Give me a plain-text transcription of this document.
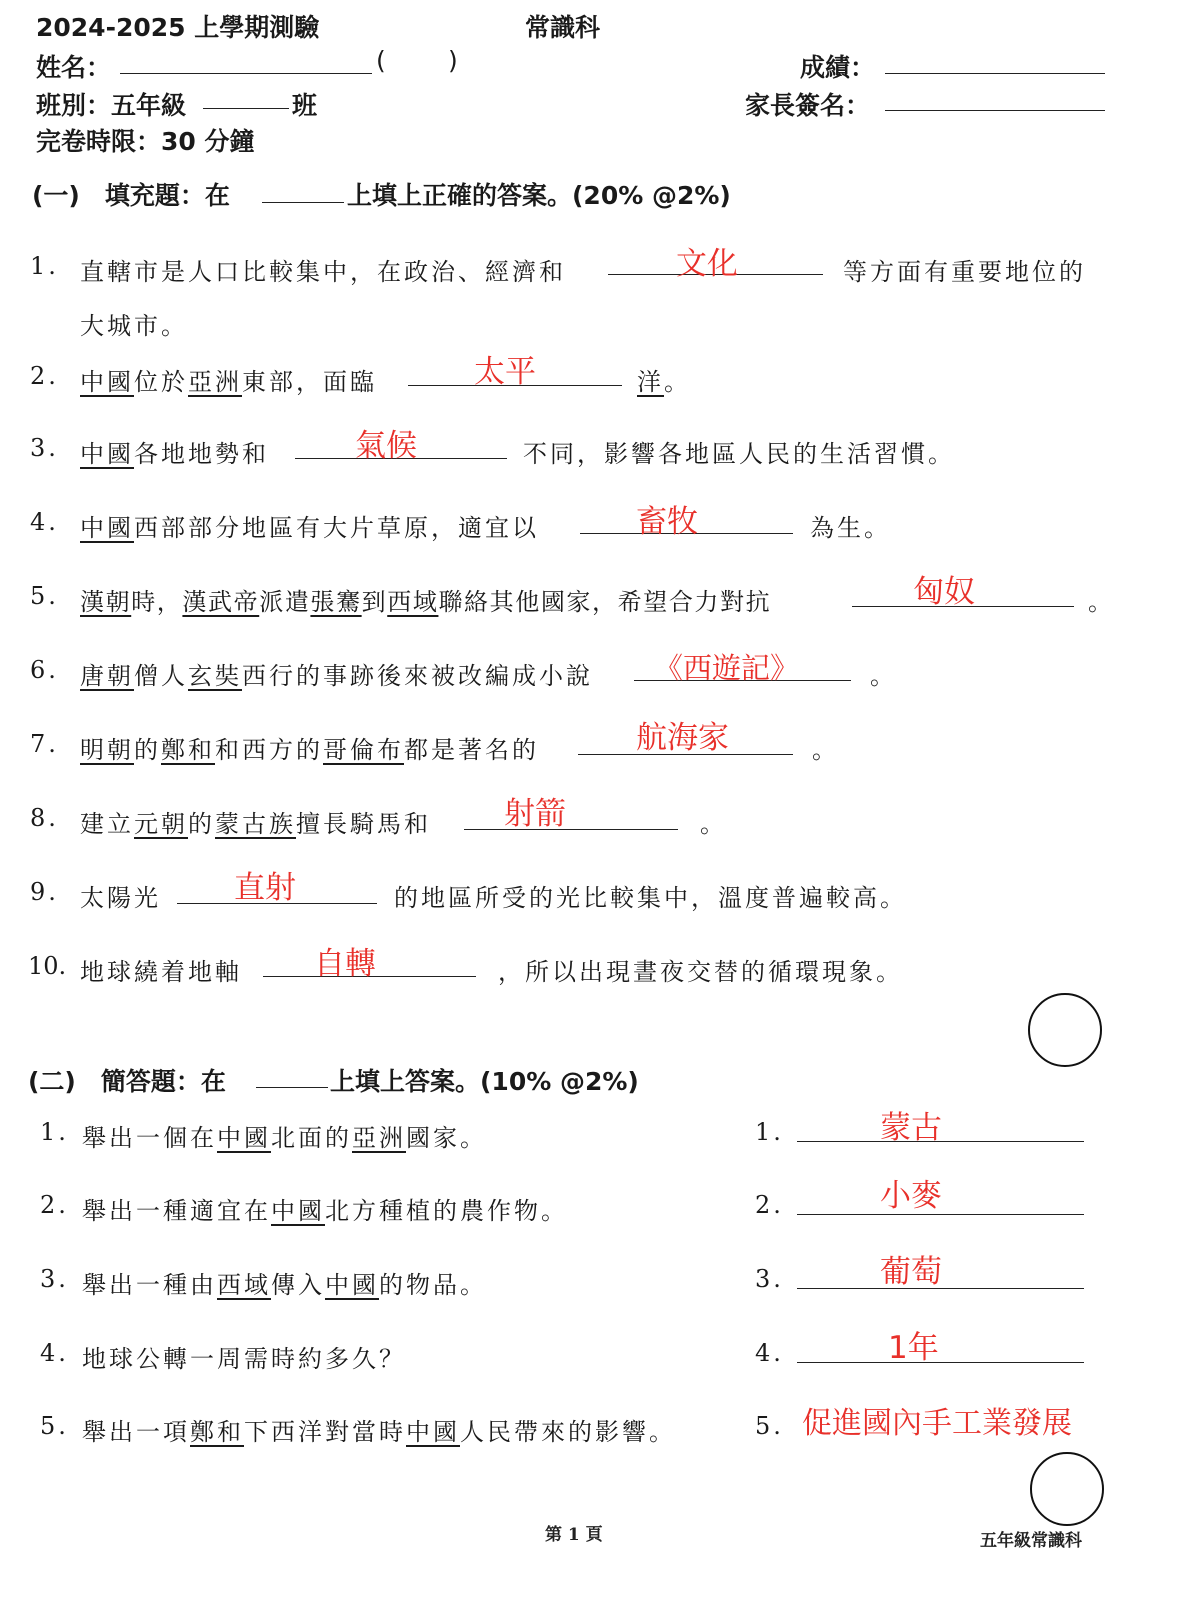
2024-2025 上學期測驗	常識科
姓名：	( )	成績：
班別：五年級	班	家長簽名：
完卷時限：30 分鐘
(一)　填充題：在	上填上正確的答案。(20% @2%)
1. 直轄市是人口比較集中，在政治、經濟和	文化	等方面有重要地位的
大城市。
2. 中國位於亞洲東部，面臨	太平	洋。
3. 中國各地地勢和	氣候	不同，影響各地區人民的生活習慣。
4. 中國西部部分地區有大片草原，適宜以	畜牧	為生。
5. 漢朝時，漢武帝派遣張騫到西域聯絡其他國家，希望合力對抗	匈奴	。
6. 唐朝僧人玄奘西行的事跡後來被改編成小說 《西遊記》	。
7. 明朝的鄭和和西方的哥倫布都是著名的	航海家	。
8. 建立元朝的蒙古族擅長騎馬和 射箭	。
9. 太陽光 直射	的地區所受的光比較集中，溫度普遍較高。
10. 地球繞着地軸 自轉	，所以出現晝夜交替的循環現象。
(二)　簡答題：在	上填上答案。(10% @2%)
1. 舉出一個在中國北面的亞洲國家。	1.	蒙古
2. 舉出一種適宜在中國北方種植的農作物。	2.	小麥
3. 舉出一種由西域傳入中國的物品。	3.	葡萄
4. 地球公轉一周需時約多久？	4.	1年
5. 舉出一項鄭和下西洋對當時中國人民帶來的影響。	5. 促進國內手工業發展
第 1 頁	五年級常識科
